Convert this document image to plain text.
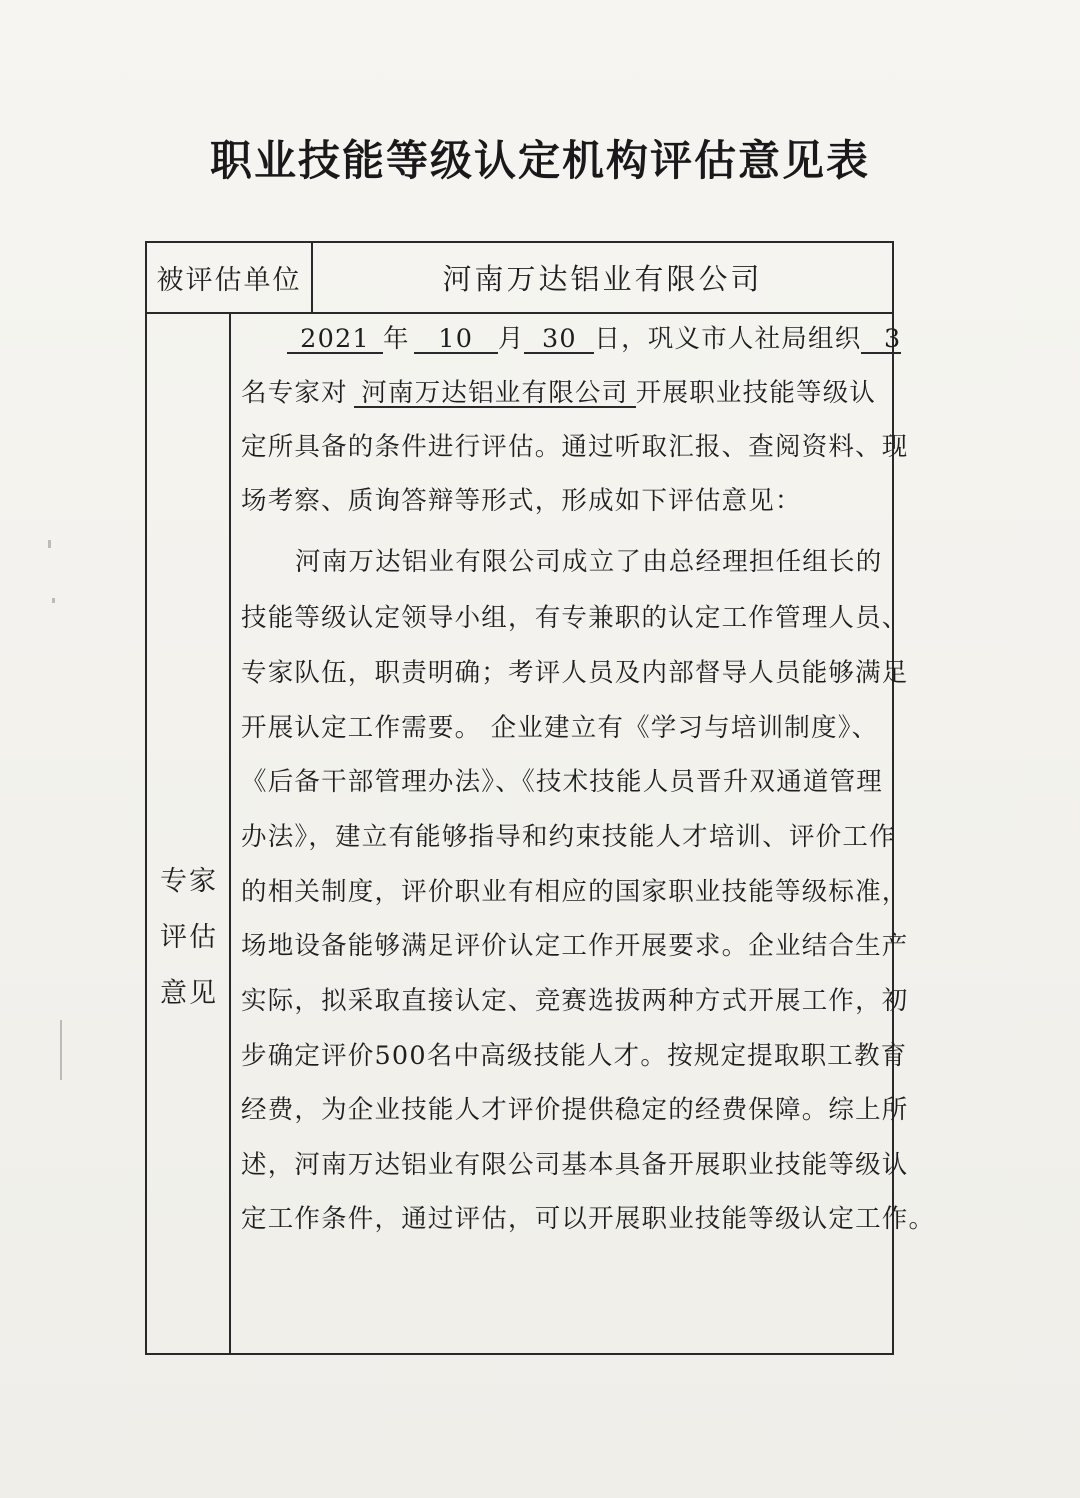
职业技能等级认定机构评估意见表
被评估单位	河南万达铝业有限公司
专家
评估
意见
2021 年 10 月 30 日，巩义市人社局组织 3
名专家对 河南万达铝业有限公司 开展职业技能等级认
定所具备的条件进行评估。通过听取汇报、查阅资料、现
场考察、质询答辩等形式，形成如下评估意见：
河南万达铝业有限公司成立了由总经理担任组长的
技能等级认定领导小组，有专兼职的认定工作管理人员、
专家队伍，职责明确；考评人员及内部督导人员能够满足
开展认定工作需要。 企业建立有《学习与培训制度》、
《后备干部管理办法》、《技术技能人员晋升双通道管理
办法》，建立有能够指导和约束技能人才培训、评价工作
的相关制度，评价职业有相应的国家职业技能等级标准，
场地设备能够满足评价认定工作开展要求。企业结合生产
实际，拟采取直接认定、竞赛选拔两种方式开展工作，初
步确定评价500名中高级技能人才。按规定提取职工教育
经费，为企业技能人才评价提供稳定的经费保障。综上所
述，河南万达铝业有限公司基本具备开展职业技能等级认
定工作条件，通过评估，可以开展职业技能等级认定工作。
